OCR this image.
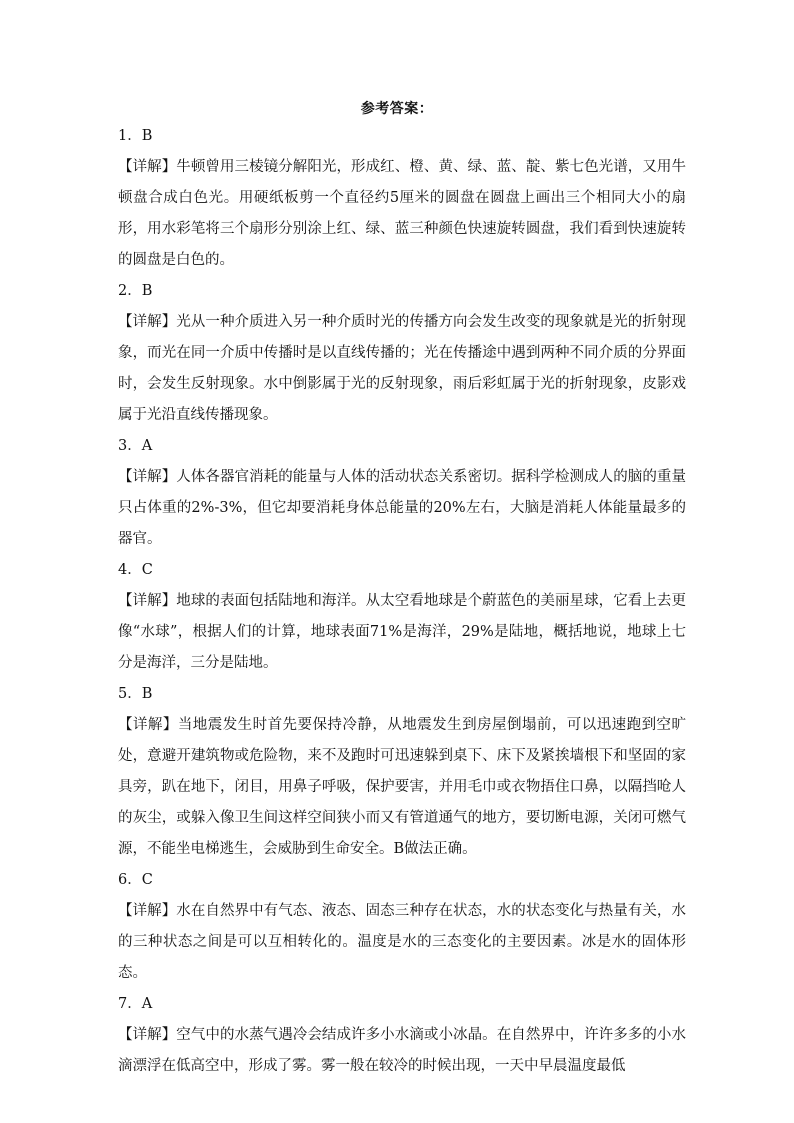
参考答案：
1．B
【详解】牛顿曾用三棱镜分解阳光，形成红、橙、黄、绿、蓝、靛、紫七色光谱，又用牛顿盘合成白色光。用硬纸板剪一个直径约5厘米的圆盘在圆盘上画出三个相同大小的扇形，用水彩笔将三个扇形分别涂上红、绿、蓝三种颜色快速旋转圆盘，我们看到快速旋转的圆盘是白色的。
2．B
【详解】光从一种介质进入另一种介质时光的传播方向会发生改变的现象就是光的折射现象，而光在同一介质中传播时是以直线传播的；光在传播途中遇到两种不同介质的分界面时，会发生反射现象。水中倒影属于光的反射现象，雨后彩虹属于光的折射现象，皮影戏属于光沿直线传播现象。
3．A
【详解】人体各器官消耗的能量与人体的活动状态关系密切。据科学检测成人的脑的重量只占体重的2%-3%，但它却要消耗身体总能量的20%左右，大脑是消耗人体能量最多的器官。
4．C
【详解】地球的表面包括陆地和海洋。从太空看地球是个蔚蓝色的美丽星球，它看上去更像“水球”，根据人们的计算，地球表面71%是海洋，29%是陆地，概括地说，地球上七分是海洋，三分是陆地。
5．B
【详解】当地震发生时首先要保持冷静，从地震发生到房屋倒塌前，可以迅速跑到空旷处，意避开建筑物或危险物，来不及跑时可迅速躲到桌下、床下及紧挨墙根下和坚固的家具旁，趴在地下，闭目，用鼻子呼吸，保护要害，并用毛巾或衣物捂住口鼻，以隔挡呛人的灰尘，或躲入像卫生间这样空间狭小而又有管道通气的地方，要切断电源，关闭可燃气源，不能坐电梯逃生，会威胁到生命安全。B做法正确。
6．C
【详解】水在自然界中有气态、液态、固态三种存在状态，水的状态变化与热量有关，水的三种状态之间是可以互相转化的。温度是水的三态变化的主要因素。冰是水的固体形态。
7．A
【详解】空气中的水蒸气遇冷会结成许多小水滴或小冰晶。在自然界中，许许多多的小水滴漂浮在低高空中，形成了雾。雾一般在较冷的时候出现，一天中早晨温度最低
